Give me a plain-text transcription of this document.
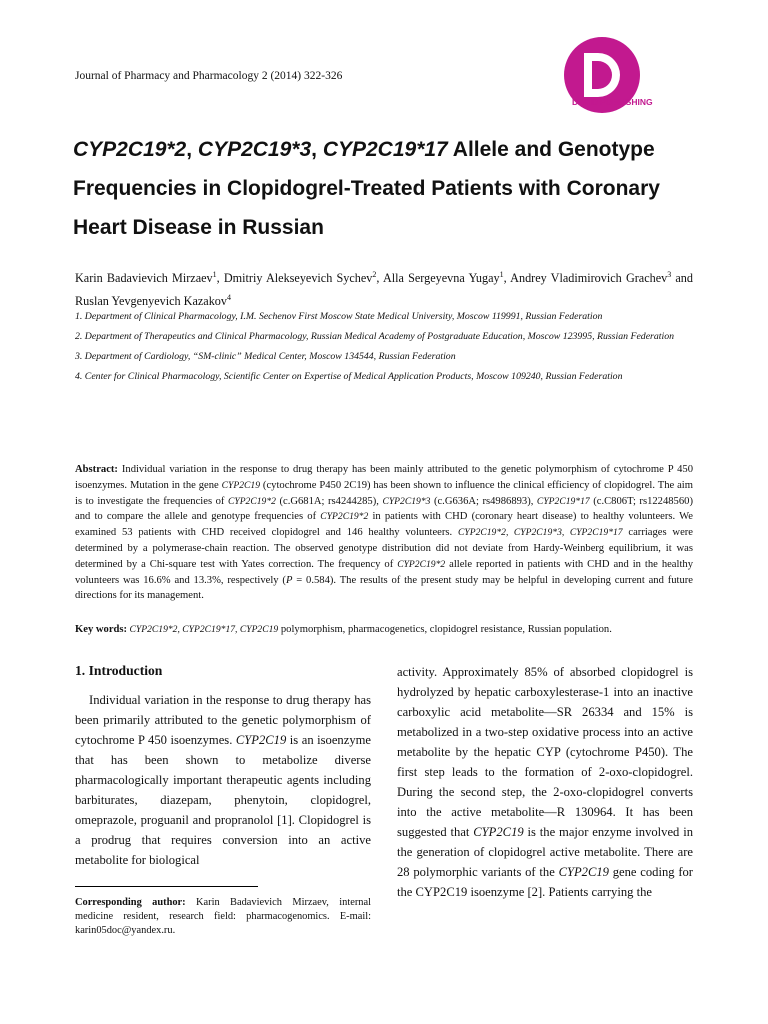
Journal of Pharmacy and Pharmacology 2 (2014) 322-326
DAVID PUBLISHING
CYP2C19*2, CYP2C19*3, CYP2C19*17 Allele and Genotype Frequencies in Clopidogrel-Treated Patients with Coronary Heart Disease in Russian
Karin Badavievich Mirzaev$^1$, Dmitriy Alekseyevich Sychev$^2$, Alla Sergeyevna Yugay$^1$, Andrey Vladimirovich Grachev$^3$ and Ruslan Yevgenyevich Kazakov$^4$
1. Department of Clinical Pharmacology, I.M. Sechenov First Moscow State Medical University, Moscow 119991, Russian Federation
2. Department of Therapeutics and Clinical Pharmacology, Russian Medical Academy of Postgraduate Education, Moscow 123995, Russian Federation
3. Department of Cardiology, “SM-clinic” Medical Center, Moscow 134544, Russian Federation
4. Center for Clinical Pharmacology, Scientific Center on Expertise of Medical Application Products, Moscow 109240, Russian Federation
Abstract: Individual variation in the response to drug therapy has been mainly attributed to the genetic polymorphism of cytochrome P 450 isoenzymes. Mutation in the gene CYP2C19 (cytochrome P450 2C19) has been shown to influence the clinical efficiency of clopidogrel. The aim is to investigate the frequencies of CYP2C19*2 (c.G681A; rs4244285), CYP2C19*3 (c.G636A; rs4986893), CYP2C19*17 (c.C806T; rs12248560) and to compare the allele and genotype frequencies of CYP2C19*2 in patients with CHD (coronary heart disease) to healthy volunteers. We examined 53 patients with CHD received clopidogrel and 146 healthy volunteers. CYP2C19*2, CYP2C19*3, CYP2C19*17 carriages were determined by a polymerase-chain reaction. The observed genotype distribution did not deviate from Hardy-Weinberg equilibrium, it was determined by a Chi-square test with Yates correction. The frequency of CYP2C19*2 allele reported in patients with CHD and in the healthy volunteers was 16.6% and 13.3%, respectively (P = 0.584). The results of the present study may be helpful in developing current and future directions for its management.
Key words: CYP2C19*2, CYP2C19*17, CYP2C19 polymorphism, pharmacogenetics, clopidogrel resistance, Russian population.
1. Introduction
Individual variation in the response to drug therapy has been primarily attributed to the genetic polymorphism of cytochrome P 450 isoenzymes. CYP2C19 is an isoenzyme that has been shown to metabolize diverse pharmacologically important therapeutic agents including barbiturates, diazepam, phenytoin, clopidogrel, omeprazole, proguanil and propranolol [1]. Clopidogrel is a prodrug that requires conversion into an active metabolite for biological
activity. Approximately 85% of absorbed clopidogrel is hydrolyzed by hepatic carboxylesterase-1 into an inactive carboxylic acid metabolite—SR 26334 and 15% is metabolized in a two-step oxidative process into an active metabolite by the hepatic CYP (cytochrome P450). The first step leads to the formation of 2-oxo-clopidogrel. During the second step, the 2-oxo-clopidogrel converts into the active metabolite—R 130964. It has been suggested that CYP2C19 is the major enzyme involved in the generation of clopidogrel active metabolite. There are 28 polymorphic variants of the CYP2C19 gene coding for the CYP2C19 isoenzyme [2]. Patients carrying the
Corresponding author: Karin Badavievich Mirzaev, internal medicine resident, research field: pharmacogenomics. E-mail: karin05doc@yandex.ru.
